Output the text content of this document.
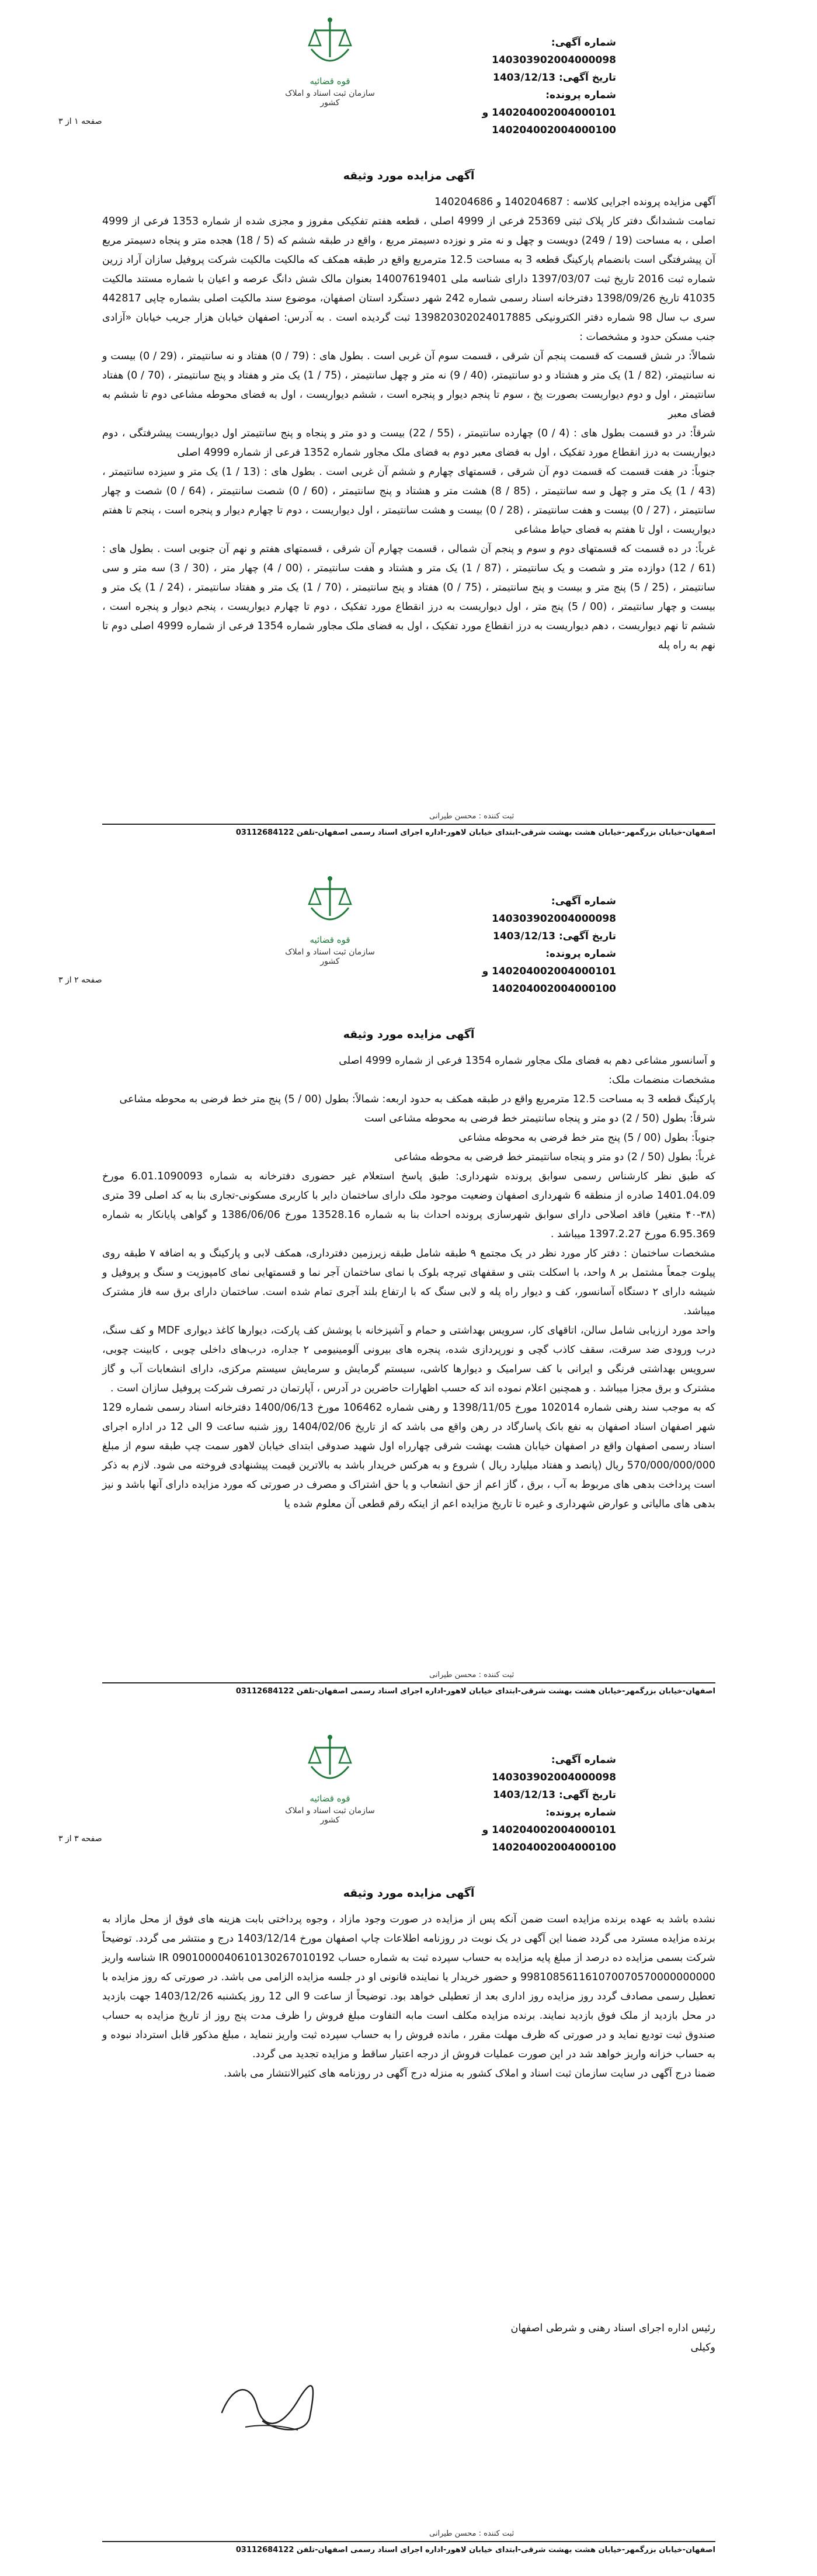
قوه قضائیه
سازمان ثبت اسناد و املاک کشور
شماره آگهی: 140303902004000098
تاریخ آگهی: 1403/12/13
شماره پرونده: 140204002004000101 و
140204002004000100
صفحه ۱ از ۳
آگهی مزایده مورد وثیقه

آگهی مزایده پرونده اجرایی کلاسه : 140204687 و 140204686

تمامت ششدانگ دفتر کار پلاک ثبتی 25369 فرعی از 4999 اصلی ، قطعه هفتم تفکیکی مفروز و مجزی شده از شماره 1353 فرعی از 4999 اصلی ، به مساحت (19 / 249) دویست و چهل و نه متر و نوزده دسیمتر مربع ، واقع در طبقه ششم که (5 / 18) هجده متر و پنجاه دسیمتر مربع آن پیشرفتگی است بانضمام پارکینگ قطعه 3 به مساحت 12.5 مترمربع واقع در طبقه همکف که مالکیت مالکیت شرکت پروفیل سازان آراد زرین شماره ثبت 2016 تاریخ ثبت 1397/03/07 دارای شناسه ملی 14007619401 بعنوان مالک شش دانگ عرصه و اعیان با شماره مستند مالکیت 41035 تاریخ 1398/09/26 دفترخانه اسناد رسمی شماره 242 شهر دستگرد استان اصفهان، موضوع سند مالکیت اصلی بشماره چاپی 442817 سری ب سال 98 شماره دفتر الکترونیکی 139820302024017885 ثبت گردیده است . به آدرس: اصفهان خیابان هزار جریب خیابان «آزادی جنب مسکن حدود و مشخصات :

شمالاً: در شش قسمت که قسمت پنجم آن شرقی ، قسمت سوم آن غربی است . بطول های : (79 / 0) هفتاد و نه سانتیمتر ، (29 / 0) بیست و نه سانتیمتر، (82 / 1) یک متر و هشتاد و دو سانتیمتر، (40 / 9) نه متر و چهل سانتیمتر ، (75 / 1) یک متر و هفتاد و پنج سانتیمتر ، (70 / 0) هفتاد سانتیمتر ، اول و دوم دیواریست بصورت پخ ، سوم تا پنجم دیوار و پنجره است ، ششم دیواریست ، اول به فضای محوطه مشاعی دوم تا ششم به فضای معبر

شرقاً: در دو قسمت بطول های : (4 / 0) چهارده سانتیمتر ، (55 / 22) بیست و دو متر و پنجاه و پنج سانتیمتر اول دیواریست پیشرفتگی ، دوم دیواریست به درز انقطاع مورد تفکیک ، اول به فضای معبر دوم به فضای ملک مجاور شماره 1352 فرعی از شماره 4999 اصلی

جنوباً: در هفت قسمت که قسمت دوم آن شرقی ، قسمتهای چهارم و ششم آن غربی است . بطول های : (13 / 1) یک متر و سیزده سانتیمتر ، (43 / 1) یک متر و چهل و سه سانتیمتر ، (85 / 8) هشت متر و هشتاد و پنج سانتیمتر ، (60 / 0) شصت سانتیمتر ، (64 / 0) شصت و چهار سانتیمتر ، (27 / 0) بیست و هفت سانتیمتر ، (28 / 0) بیست و هشت سانتیمتر ، اول دیواریست ، دوم تا چهارم دیوار و پنجره است ، پنجم تا هفتم دیواریست ، اول تا هفتم به فضای حیاط مشاعی

غرباً: در ده قسمت که قسمتهای دوم و سوم و پنجم آن شمالی ، قسمت چهارم آن شرقی ، قسمتهای هفتم و نهم آن جنوبی است . بطول های : (61 / 12) دوازده متر و شصت و یک سانتیمتر ، (87 / 1) یک متر و هشتاد و هفت سانتیمتر ، (00 / 4) چهار متر ، (30 / 3) سه متر و سی سانتیمتر ، (25 / 5) پنج متر و بیست و پنج سانتیمتر ، (75 / 0) هفتاد و پنج سانتیمتر ، (70 / 1) یک متر و هفتاد سانتیمتر ، (24 / 1) یک متر و بیست و چهار سانتیمتر ، (00 / 5) پنج متر ، اول دیواریست به درز انقطاع مورد تفکیک ، دوم تا چهارم دیواریست ، پنجم دیوار و پنجره است ، ششم تا نهم دیواریست ، دهم دیواریست به درز انقطاع مورد تفکیک ، اول به فضای ملک مجاور شماره 1354 فرعی از شماره 4999 اصلی دوم تا نهم به راه پله

ثبت کننده : محسن طیرانی
اصفهان-خیابان بزرگمهر-خیابان هشت بهشت شرقی-ابتدای خیابان لاهور-اداره اجرای اسناد رسمی اصفهان-تلفن 03112684122
قوه قضائیه
سازمان ثبت اسناد و املاک کشور
شماره آگهی: 140303902004000098
تاریخ آگهی: 1403/12/13
شماره پرونده: 140204002004000101 و
140204002004000100
صفحه ۲ از ۳
آگهی مزایده مورد وثیقه

و آسانسور مشاعی دهم به فضای ملک مجاور شماره 1354 فرعی از شماره 4999 اصلی

مشخصات منضمات ملک:

پارکینگ قطعه 3 به مساحت 12.5 مترمربع واقع در طبقه همکف به حدود اربعه: شمالاً: بطول (00 / 5) پنج متر خط فرضی به محوطه مشاعی

شرقاً: بطول (50 / 2) دو متر و پنجاه سانتیمتر خط فرضی به محوطه مشاعی است

جنوباً: بطول (00 / 5) پنج متر خط فرضی به محوطه مشاعی

غرباً: بطول (50 / 2) دو متر و پنجاه سانتیمتر خط فرضی به محوطه مشاعی

که طبق نظر کارشناس رسمی سوابق پرونده شهرداری: طبق پاسخ استعلام غیر حضوری دفترخانه به شماره 6.01.1090093 مورخ 1401.04.09 صادره از منطقه 6 شهرداری اصفهان وضعیت موجود ملک دارای ساختمان دایر با کاربری مسکونی-تجاری بنا به کد اصلی 39 متری (۳۸-۴۰ متغیر) فاقد اصلاحی دارای سوابق شهرسازی پرونده احداث بنا به شماره 13528.16 مورخ 1386/06/06 و گواهی پایانکار به شماره 6.95.369 مورخ 1397.2.27 میباشد .

مشخصات ساختمان : دفتر کار مورد نظر در یک مجتمع ۹ طبقه شامل طبقه زیرزمین دفترداری، همکف لابی و پارکینگ و به اضافه ۷ طبقه روی پیلوت جمعاً مشتمل بر ۸ واحد، با اسکلت بتنی و سقفهای تیرچه بلوک با نمای ساختمان آجر نما و قسمتهایی نمای کامپوزیت و سنگ و پروفیل و شیشه دارای ۲ دستگاه آسانسور، کف و دیوار راه پله و لابی سنگ که با ارتفاع بلند آجری تمام شده است. ساختمان دارای برق سه فاز مشترک میباشد.

واحد مورد ارزیابی شامل سالن، اتاقهای کار، سرویس بهداشتی و حمام و آشپزخانه با پوشش کف پارکت، دیوارها کاغذ دیواری MDF و کف سنگ، درب ورودی ضد سرقت، سقف کاذب گچی و نورپردازی شده، پنجره های بیرونی آلومینیومی ۲ جداره، درب‌های داخلی چوبی ، کابینت چوبی، سرویس بهداشتی فرنگی و ایرانی با کف سرامیک و دیوارها کاشی، سیستم گرمایش و سرمایش سیستم مرکزی، دارای انشعابات آب و گاز مشترک و برق مجزا میباشد . و همچنین اعلام نموده اند که حسب اظهارات حاضرین در آدرس ، آپارتمان در تصرف شرکت پروفیل سازان است .

که به موجب سند رهنی شماره 102014 مورخ 1398/11/05 و رهنی شماره 106462 مورخ 1400/06/13 دفترخانه اسناد رسمی شماره 129 شهر اصفهان اسناد اصفهان به نفع بانک پاسارگاد در رهن واقع می باشد که از تاریخ 1404/02/06 روز شنبه ساعت 9 الی 12 در اداره اجرای اسناد رسمی اصفهان واقع در اصفهان خیابان هشت بهشت شرقی چهارراه اول شهید صدوقی ابتدای خیابان لاهور سمت چپ طبقه سوم از مبلغ 570/000/000/000 ریال (پانصد و هفتاد میلیارد ریال ) شروع و به هرکس خریدار باشد به بالاترین قیمت پیشنهادی فروخته می شود. لازم به ذکر است پرداخت بدهی های مربوط به آب ، برق ، گاز اعم از حق انشعاب و یا حق اشتراک و مصرف در صورتی که مورد مزایده دارای آنها باشد و نیز بدهی های مالیاتی و عوارض شهرداری و غیره تا تاریخ مزایده اعم از اینکه رقم قطعی آن معلوم شده یا

ثبت کننده : محسن طیرانی
اصفهان-خیابان بزرگمهر-خیابان هشت بهشت شرقی-ابتدای خیابان لاهور-اداره اجرای اسناد رسمی اصفهان-تلفن 03112684122
قوه قضائیه
سازمان ثبت اسناد و املاک کشور
شماره آگهی: 140303902004000098
تاریخ آگهی: 1403/12/13
شماره پرونده: 140204002004000101 و
140204002004000100
صفحه ۳ از ۳
آگهی مزایده مورد وثیقه

نشده باشد به عهده برنده مزایده است ضمن آنکه پس از مزایده در صورت وجود مازاد ، وجوه پرداختی بابت هزینه های فوق از محل مازاد به برنده مزایده مسترد می گردد ضمنا این آگهی در یک نوبت در روزنامه اطلاعات چاپ اصفهان مورخ 1403/12/14 درج و منتشر می گردد. توضیحاً شرکت بسمی مزایده ده درصد از مبلغ پایه مزایده به حساب سپرده ثبت به شماره حساب IR 0901000040610130267010192 شناسه واریز 998108561161070070570000000000 و حضور خریدار یا نماینده قانونی او در جلسه مزایده الزامی می باشد. در صورتی که روز مزایده با تعطیل رسمی مصادف گردد روز مزایده روز اداری بعد از تعطیلی خواهد بود. توضیحاً از ساعت 9 الی 12 روز یکشنبه 1403/12/26 جهت بازدید در محل بازدید از ملک فوق بازدید نمایند. برنده مزایده مکلف است مابه التفاوت مبلغ فروش را ظرف مدت پنج روز از تاریخ مزایده به حساب صندوق ثبت تودیع نماید و در صورتی که ظرف مهلت مقرر ، مانده فروش را به حساب سپرده ثبت واریز ننماید ، مبلغ مذکور قابل استرداد نبوده و به حساب خزانه واریز خواهد شد در این صورت عملیات فروش از درجه اعتبار ساقط و مزایده تجدید می گردد.

ضمنا درج آگهی در سایت سازمان ثبت اسناد و املاک کشور به منزله درج آگهی در روزنامه های کثیرالانتشار می باشد.

رئیس اداره اجرای اسناد رهنی و شرطی اصفهان
وکیلی
ثبت کننده : محسن طیرانی
اصفهان-خیابان بزرگمهر-خیابان هشت بهشت شرقی-ابتدای خیابان لاهور-اداره اجرای اسناد رسمی اصفهان-تلفن 03112684122
